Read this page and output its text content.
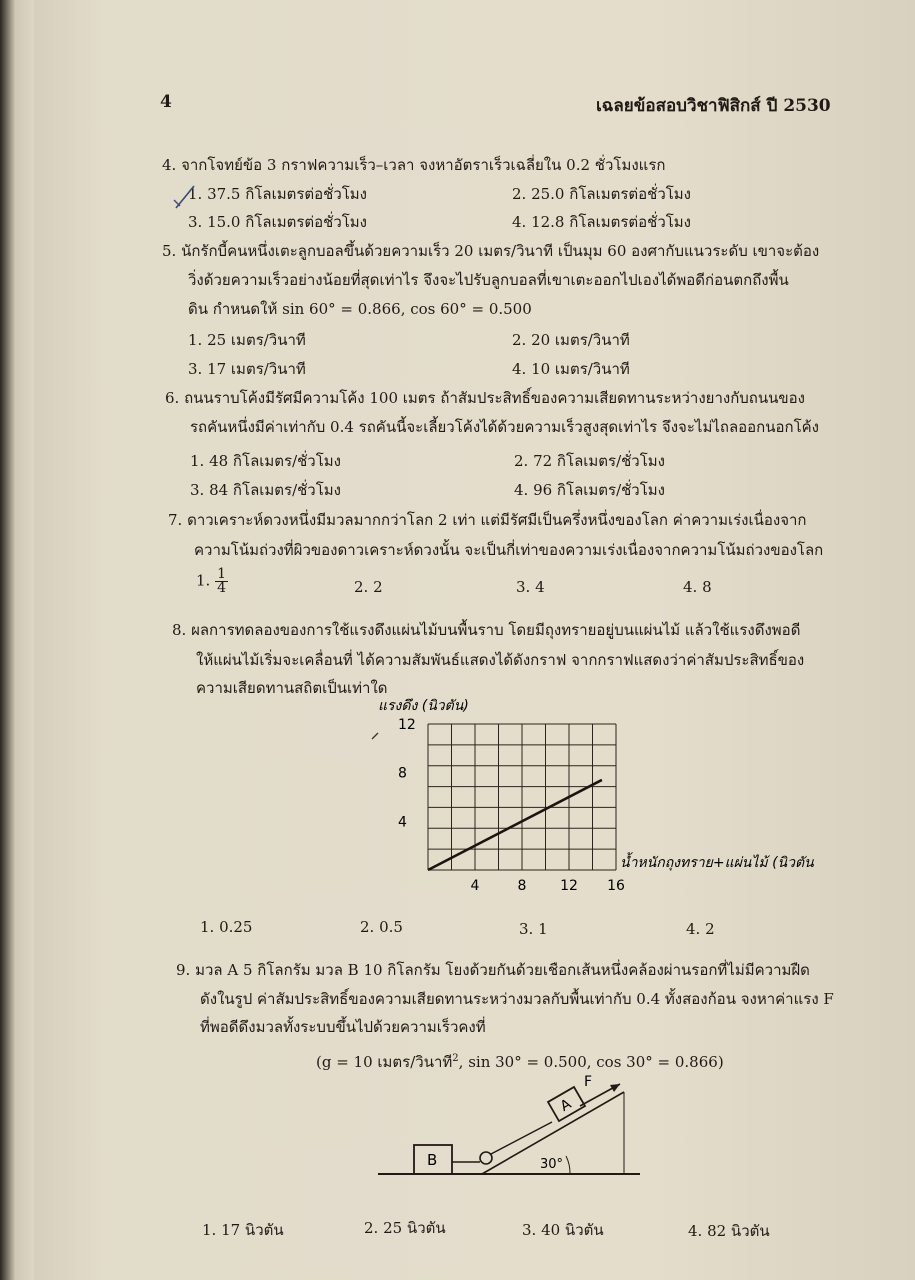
4	เฉลยข้อสอบวิชาฟิสิกส์ ปี 2530
4. จากโจทย์ข้อ 3 กราฟความเร็ว–เวลา จงหาอัตราเร็วเฉลี่ยใน 0.2 ชั่วโมงแรก
1. 37.5 กิโลเมตรต่อชั่วโมง	2. 25.0 กิโลเมตรต่อชั่วโมง
3. 15.0 กิโลเมตรต่อชั่วโมง	4. 12.8 กิโลเมตรต่อชั่วโมง
5. นักรักบี้คนหนึ่งเตะลูกบอลขึ้นด้วยความเร็ว 20 เมตร/วินาที เป็นมุม 60 องศากับแนวระดับ เขาจะต้อง
วิ่งด้วยความเร็วอย่างน้อยที่สุดเท่าไร จึงจะไปรับลูกบอลที่เขาเตะออกไปเองได้พอดีก่อนตกถึงพื้น
ดิน กำหนดให้ sin 60° = 0.866, cos 60° = 0.500
1. 25 เมตร/วินาที	2. 20 เมตร/วินาที
3. 17 เมตร/วินาที	4. 10 เมตร/วินาที
6. ถนนราบโค้งมีรัศมีความโค้ง 100 เมตร ถ้าสัมประสิทธิ์ของความเสียดทานระหว่างยางกับถนนของ
รถคันหนึ่งมีค่าเท่ากับ 0.4 รถคันนี้จะเลี้ยวโค้งได้ด้วยความเร็วสูงสุดเท่าไร จึงจะไม่ไถลออกนอกโค้ง
1. 48 กิโลเมตร/ชั่วโมง	2. 72 กิโลเมตร/ชั่วโมง
3. 84 กิโลเมตร/ชั่วโมง	4. 96 กิโลเมตร/ชั่วโมง
7. ดาวเคราะห์ดวงหนึ่งมีมวลมากกว่าโลก 2 เท่า แต่มีรัศมีเป็นครึ่งหนึ่งของโลก ค่าความเร่งเนื่องจาก
ความโน้มถ่วงที่ผิวของดาวเคราะห์ดวงนั้น จะเป็นกี่เท่าของความเร่งเนื่องจากความโน้มถ่วงของโลก
1. $\frac{1}{4}$	2. 2	3. 4	4. 8
8. ผลการทดลองของการใช้แรงดึงแผ่นไม้บนพื้นราบ โดยมีถุงทรายอยู่บนแผ่นไม้ แล้วใช้แรงดึงพอดี
ให้แผ่นไม้เริ่มจะเคลื่อนที่ ได้ความสัมพันธ์แสดงได้ดังกราฟ จากกราฟแสดงว่าค่าสัมประสิทธิ์ของ
ความเสียดทานสถิตเป็นเท่าใด
4
8
12
4	8 12 16
แรงดึง (นิวตัน)
น้ำหนักถุงทราย+แผ่นไม้ (นิวตัน
1. 0.25	2. 0.5	3. 1	4. 2
9. มวล A 5 กิโลกรัม มวล B 10 กิโลกรัม โยงด้วยกันด้วยเชือกเส้นหนึ่งคล้องผ่านรอกที่ไม่มีความฝืด
ดังในรูป ค่าสัมประสิทธิ์ของความเสียดทานระหว่างมวลกับพื้นเท่ากับ 0.4 ทั้งสองก้อน จงหาค่าแรง F
ที่พอดีดึงมวลทั้งระบบขึ้นไปด้วยความเร็วคงที่
(g = 10 เมตร/วินาที$^2$, sin 30° = 0.500, cos 30° = 0.866)
B
A
F
30°
1. 17 นิวตัน	2. 25 นิวตัน	3. 40 นิวตัน	4. 82 นิวตัน
